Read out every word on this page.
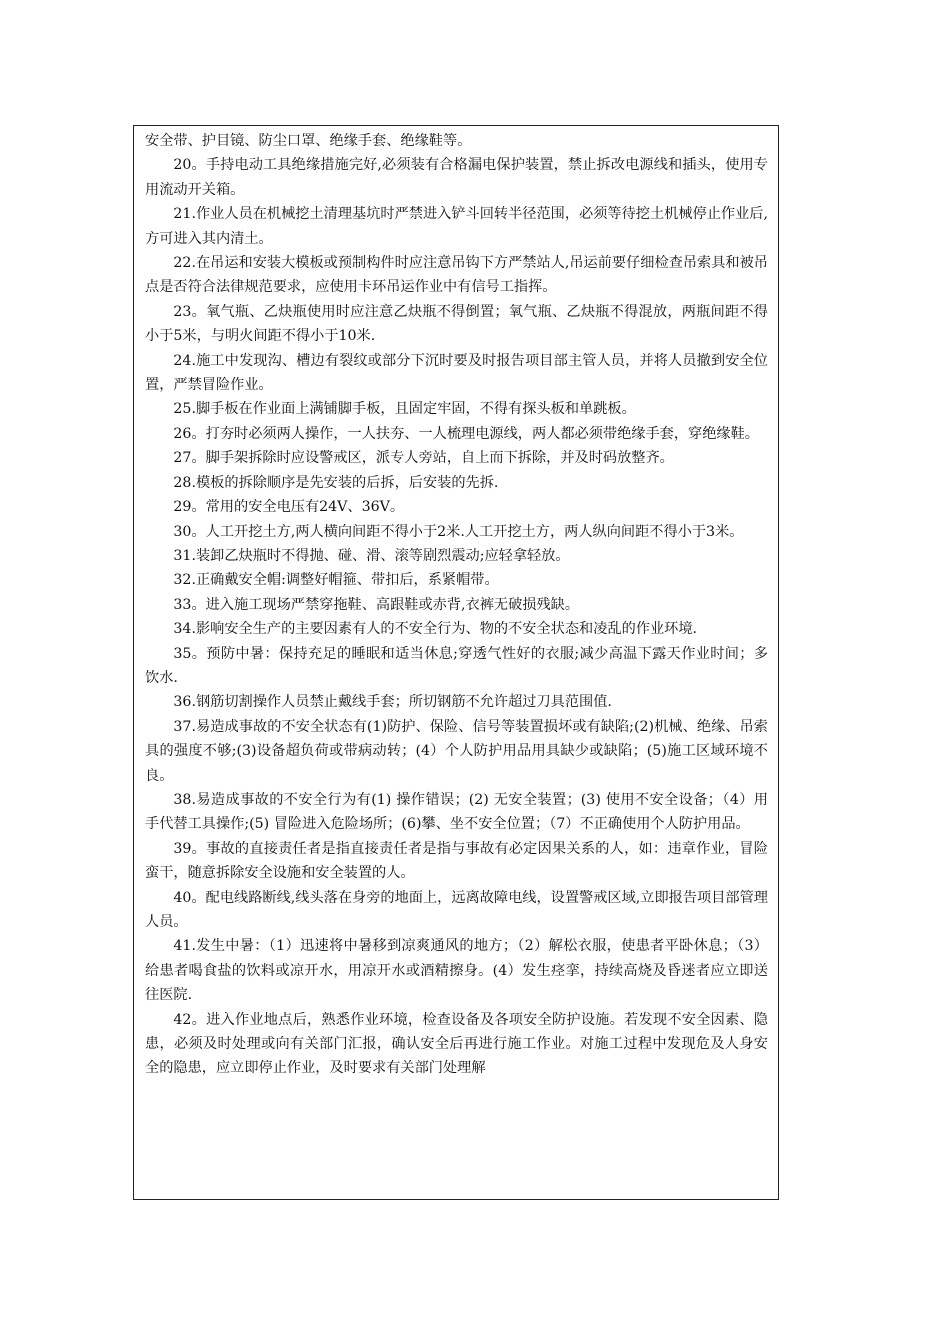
安全带、护目镜、防尘口罩、绝缘手套、绝缘鞋等。

20。手持电动工具绝缘措施完好,必须装有合格漏电保护装置，禁止拆改电源线和插头，使用专用流动开关箱。

21.作业人员在机械挖土清理基坑时严禁进入铲斗回转半径范围，必须等待挖土机械停止作业后,方可进入其内清土。

22.在吊运和安装大模板或预制构件时应注意吊钩下方严禁站人,吊运前要仔细检查吊索具和被吊点是否符合法律规范要求，应使用卡环吊运作业中有信号工指挥。

23。氧气瓶、乙炔瓶使用时应注意乙炔瓶不得倒置；氧气瓶、乙炔瓶不得混放，两瓶间距不得小于5米，与明火间距不得小于10米.

24.施工中发现沟、槽边有裂纹或部分下沉时要及时报告项目部主管人员，并将人员撤到安全位置，严禁冒险作业。

25.脚手板在作业面上满铺脚手板，且固定牢固，不得有探头板和单跳板。

26。打夯时必须两人操作，一人扶夯、一人梳理电源线，两人都必须带绝缘手套，穿绝缘鞋。

27。脚手架拆除时应设警戒区，派专人旁站，自上而下拆除，并及时码放整齐。

28.模板的拆除顺序是先安装的后拆，后安装的先拆.

29。常用的安全电压有24V、36V。

30。人工开挖土方,两人横向间距不得小于2米.人工开挖土方，两人纵向间距不得小于3米。

31.装卸乙炔瓶时不得抛、碰、滑、滚等剧烈震动;应轻拿轻放。

32.正确戴安全帽:调整好帽箍、带扣后，系紧帽带。

33。进入施工现场严禁穿拖鞋、高跟鞋或赤背,衣裤无破损残缺。

34.影响安全生产的主要因素有人的不安全行为、物的不安全状态和凌乱的作业环境.

35。预防中暑：保持充足的睡眠和适当休息;穿透气性好的衣服;减少高温下露天作业时间；多饮水.

36.钢筋切割操作人员禁止戴线手套；所切钢筋不允许超过刀具范围值.

37.易造成事故的不安全状态有(1)防护、保险、信号等装置损坏或有缺陷;(2)机械、绝缘、吊索具的强度不够;(3)设备超负荷或带病动转；(4）个人防护用品用具缺少或缺陷；(5)施工区域环境不良。

38.易造成事故的不安全行为有(1) 操作错误；(2) 无安全装置；(3) 使用不安全设备；（4）用手代替工具操作;(5) 冒险进入危险场所；(6)攀、坐不安全位置；（7）不正确使用个人防护用品。

39。事故的直接责任者是指直接责任者是指与事故有必定因果关系的人，如：违章作业，冒险蛮干，随意拆除安全设施和安全装置的人。

40。配电线路断线,线头落在身旁的地面上，远离故障电线，设置警戒区域,立即报告项目部管理人员。

41.发生中暑：（1）迅速将中暑移到凉爽通风的地方；（2）解松衣服，使患者平卧休息；（3）给患者喝食盐的饮料或凉开水，用凉开水或酒精擦身。(4）发生痉挛，持续高烧及昏迷者应立即送往医院.

42。进入作业地点后，熟悉作业环境，检查设备及各项安全防护设施。若发现不安全因素、隐患，必须及时处理或向有关部门汇报，确认安全后再进行施工作业。对施工过程中发现危及人身安全的隐患，应立即停止作业，及时要求有关部门处理解
